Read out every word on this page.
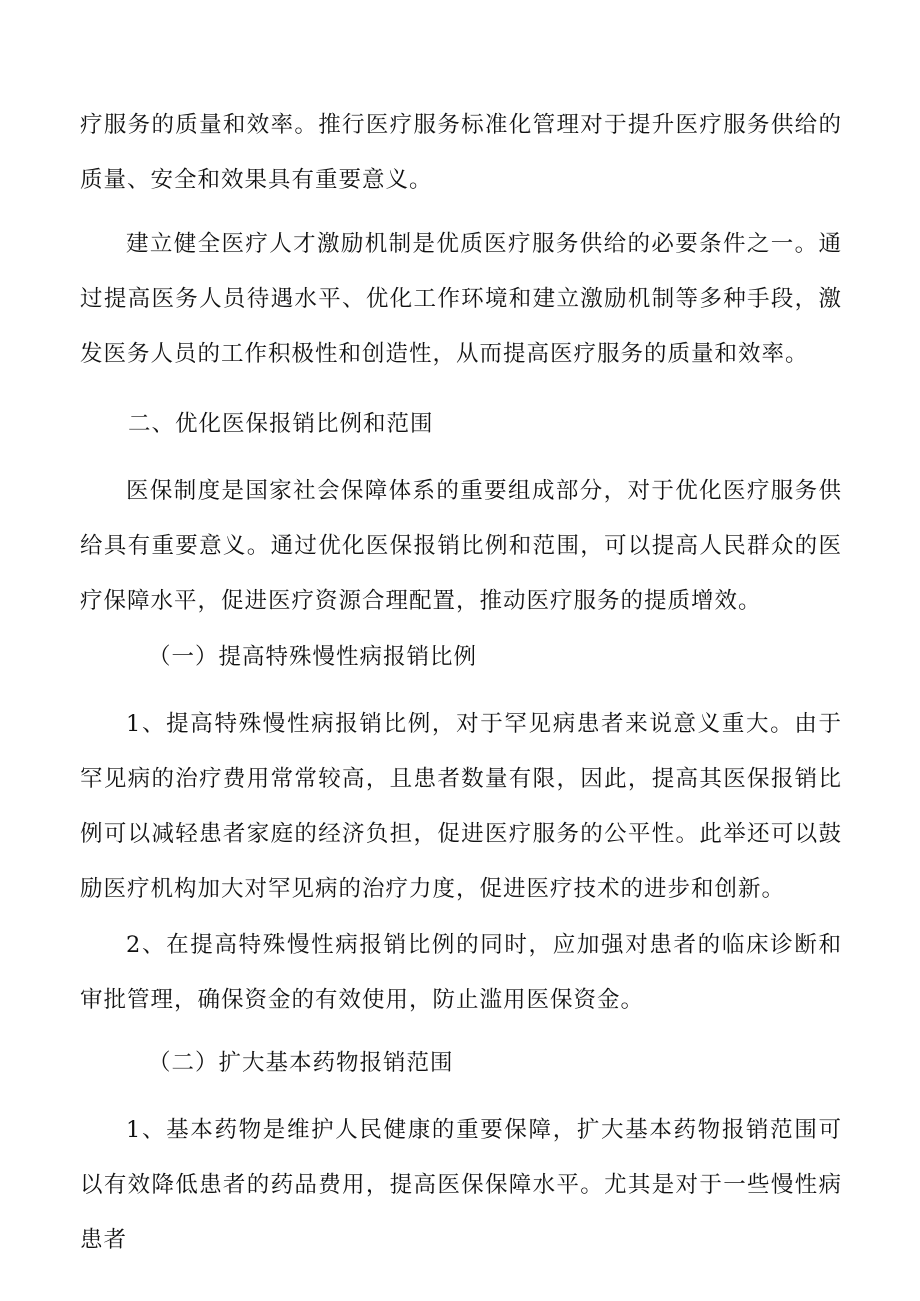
疗服务的质量和效率。推行医疗服务标准化管理对于提升医疗服务供给的质量、安全和效果具有重要意义。

建立健全医疗人才激励机制是优质医疗服务供给的必要条件之一。通过提高医务人员待遇水平、优化工作环境和建立激励机制等多种手段，激发医务人员的工作积极性和创造性，从而提高医疗服务的质量和效率。

二、优化医保报销比例和范围

医保制度是国家社会保障体系的重要组成部分，对于优化医疗服务供给具有重要意义。通过优化医保报销比例和范围，可以提高人民群众的医疗保障水平，促进医疗资源合理配置，推动医疗服务的提质增效。

（一）提高特殊慢性病报销比例

1、提高特殊慢性病报销比例，对于罕见病患者来说意义重大。由于罕见病的治疗费用常常较高，且患者数量有限，因此，提高其医保报销比例可以减轻患者家庭的经济负担，促进医疗服务的公平性。此举还可以鼓励医疗机构加大对罕见病的治疗力度，促进医疗技术的进步和创新。

2、在提高特殊慢性病报销比例的同时，应加强对患者的临床诊断和审批管理，确保资金的有效使用，防止滥用医保资金。

（二）扩大基本药物报销范围

1、基本药物是维护人民健康的重要保障，扩大基本药物报销范围可以有效降低患者的药品费用，提高医保保障水平。尤其是对于一些慢性病患者
